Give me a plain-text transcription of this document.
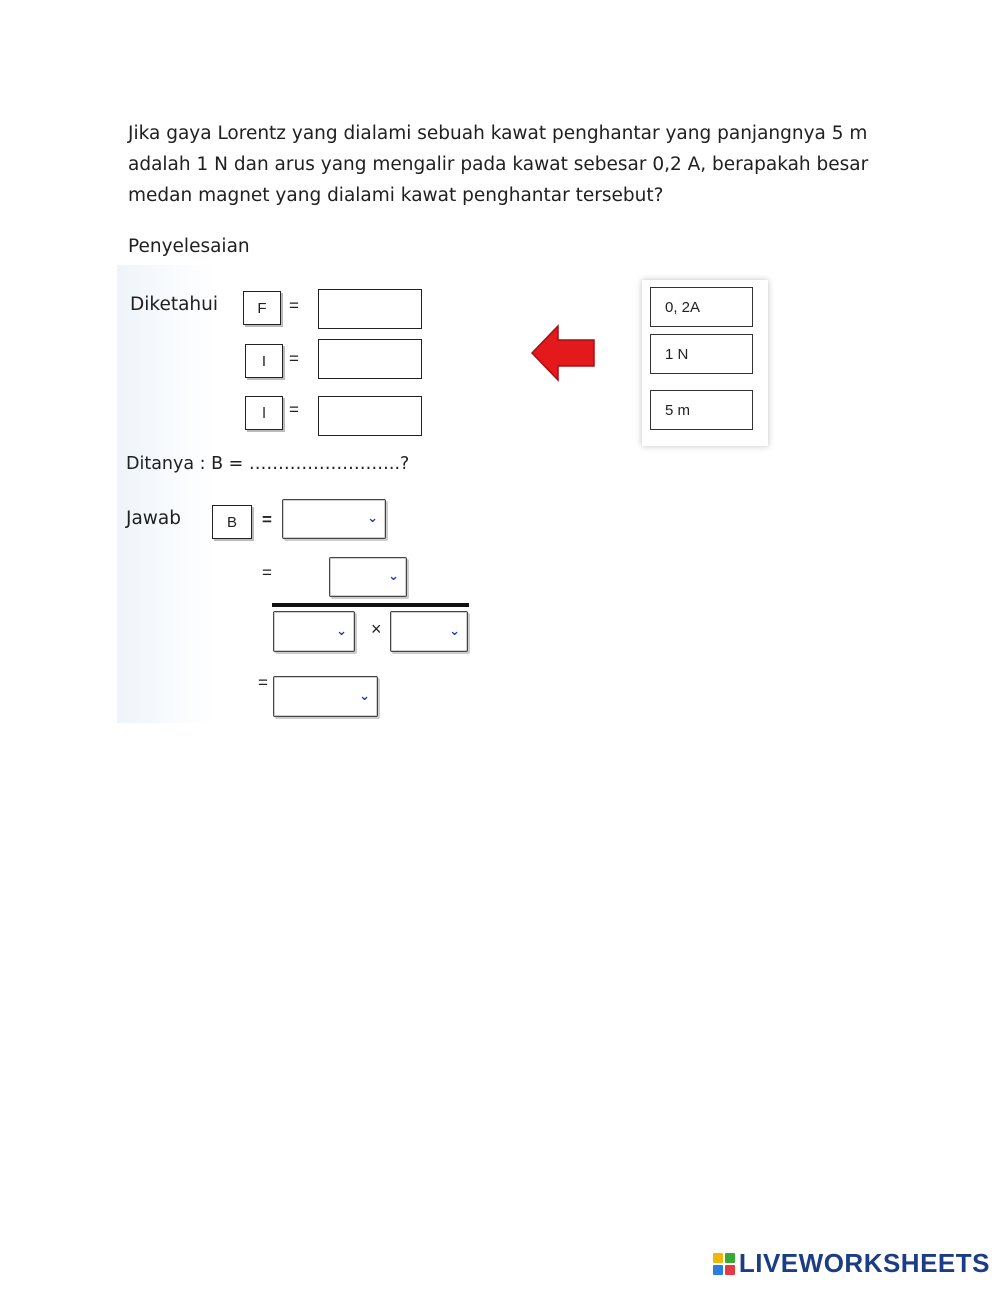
Jika gaya Lorentz yang dialami sebuah kawat penghantar yang panjangnya 5 m
adalah 1 N dan arus yang mengalir pada kawat sebesar 0,2 A, berapakah besar
medan magnet yang dialami kawat penghantar tersebut?
Penyelesaian
Diketahui	F	=
I	=
l	=
0, 2A
1 N
5 m
Ditanya : B = ……………………..?
Jawab	B	=	⌄
=	⌄
⌄ ×	⌄
=
⌄
LIVEWORKSHEETS
